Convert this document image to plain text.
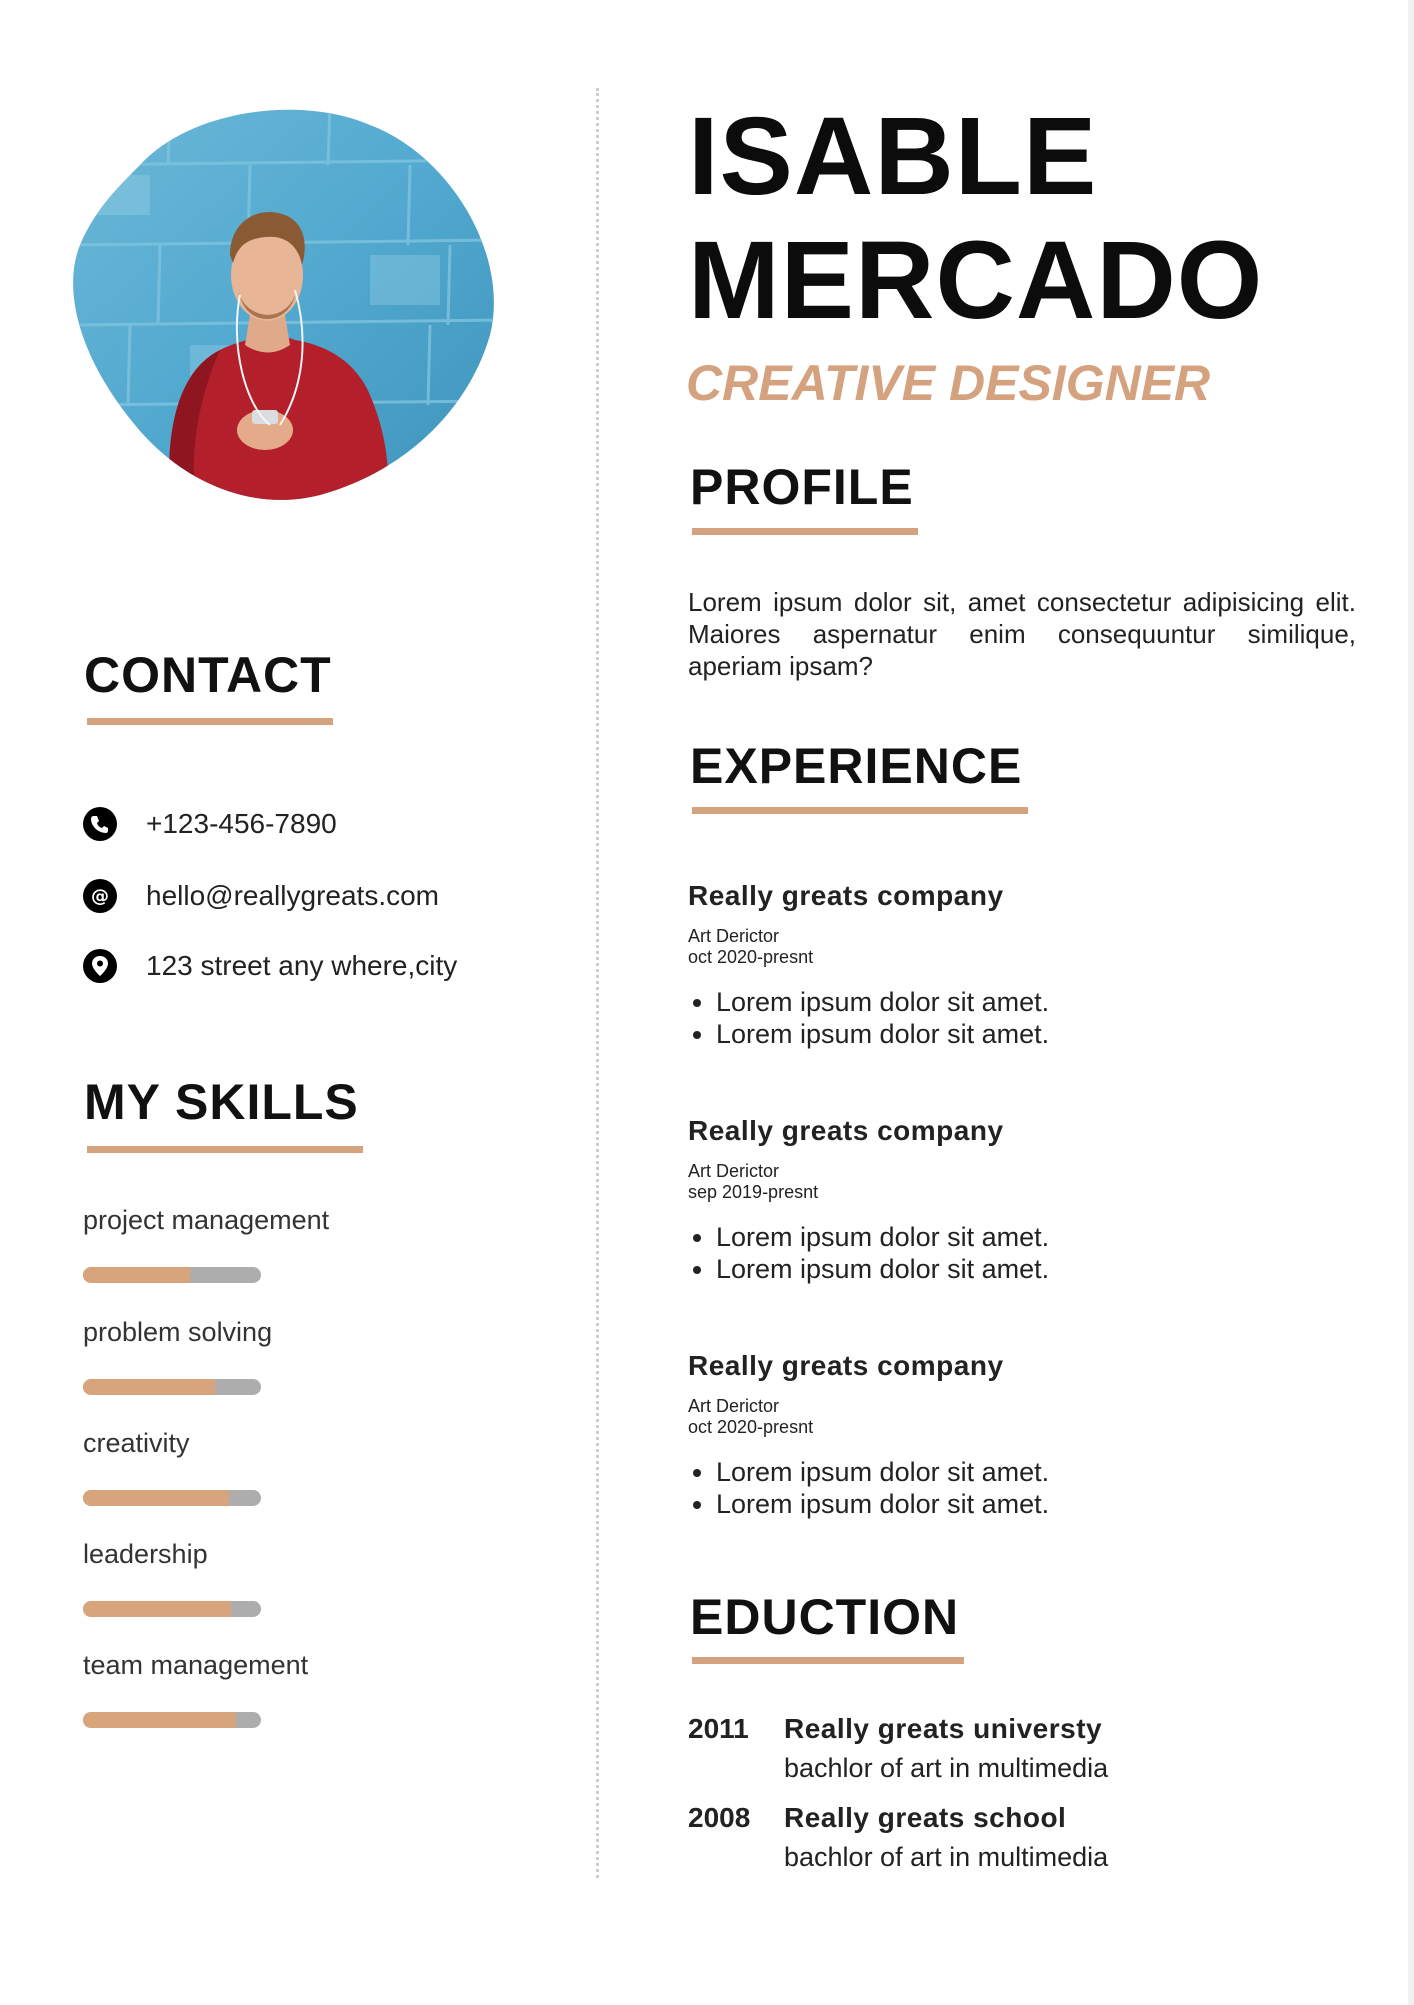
CONTACT
+123-456-7890
@ hello@reallygreats.com
123 street any where,city
MY SKILLS
project management
problem solving
creativity
leadership
team management
ISABLE
MERCADO

CREATIVE DESIGNER

PROFILE

Lorem ipsum dolor sit, amet consectetur adipisicing elit. Maiores aspernatur enim consequuntur similique, aperiam ipsam?

EXPERIENCE

Really greats company

Art Derictor

oct 2020-presnt

• Lorem ipsum dolor sit amet.
• Lorem ipsum dolor sit amet.

Really greats company

Art Derictor

sep 2019-presnt

• Lorem ipsum dolor sit amet.
• Lorem ipsum dolor sit amet.

Really greats company

Art Derictor

oct 2020-presnt

• Lorem ipsum dolor sit amet.
• Lorem ipsum dolor sit amet.
EDUCTION
2011 Really greats universty

bachlor of art in multimedia

2008 Really greats school

bachlor of art in multimedia
